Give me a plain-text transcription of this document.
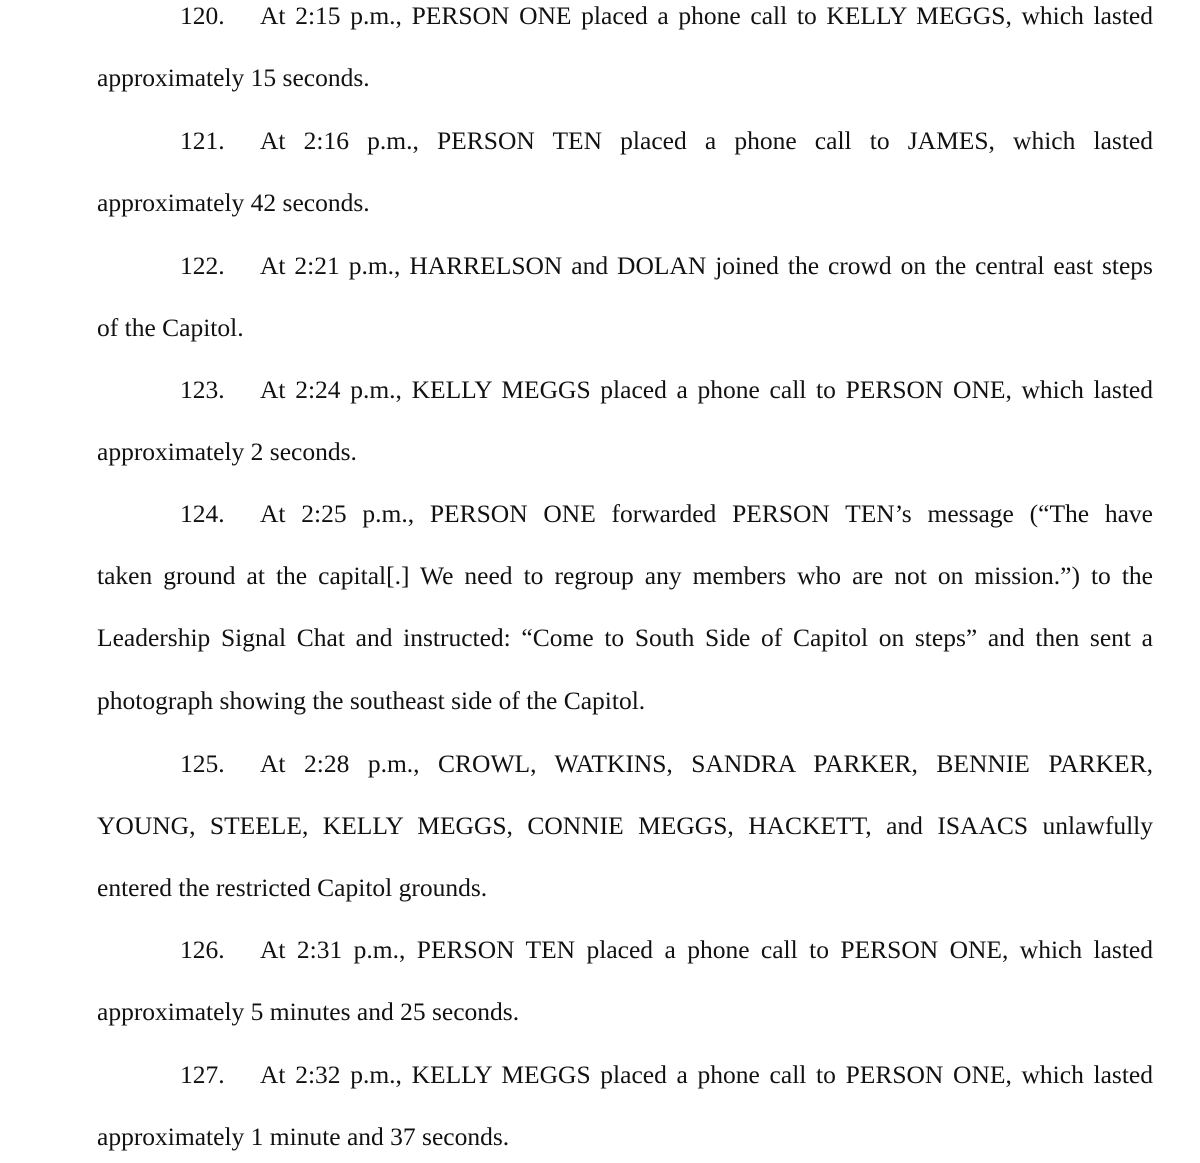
120.	At 2:15 p.m., PERSON ONE placed a phone call to KELLY MEGGS, which lasted
approximately 15 seconds.
121.	At 2:16 p.m., PERSON TEN placed a phone call to JAMES, which lasted
approximately 42 seconds.
122.	At 2:21 p.m., HARRELSON and DOLAN joined the crowd on the central east steps
of the Capitol.
123.	At 2:24 p.m., KELLY MEGGS placed a phone call to PERSON ONE, which lasted
approximately 2 seconds.
124.	At 2:25 p.m., PERSON ONE forwarded PERSON TEN’s message (“The have
taken ground at the capital[.] We need to regroup any members who are not on mission.”) to the
Leadership Signal Chat and instructed: “Come to South Side of Capitol on steps” and then sent a
photograph showing the southeast side of the Capitol.
125.	At 2:28 p.m., CROWL, WATKINS, SANDRA PARKER, BENNIE PARKER,
YOUNG, STEELE, KELLY MEGGS, CONNIE MEGGS, HACKETT, and ISAACS unlawfully
entered the restricted Capitol grounds.
126.	At 2:31 p.m., PERSON TEN placed a phone call to PERSON ONE, which lasted
approximately 5 minutes and 25 seconds.
127.	At 2:32 p.m., KELLY MEGGS placed a phone call to PERSON ONE, which lasted
approximately 1 minute and 37 seconds.
